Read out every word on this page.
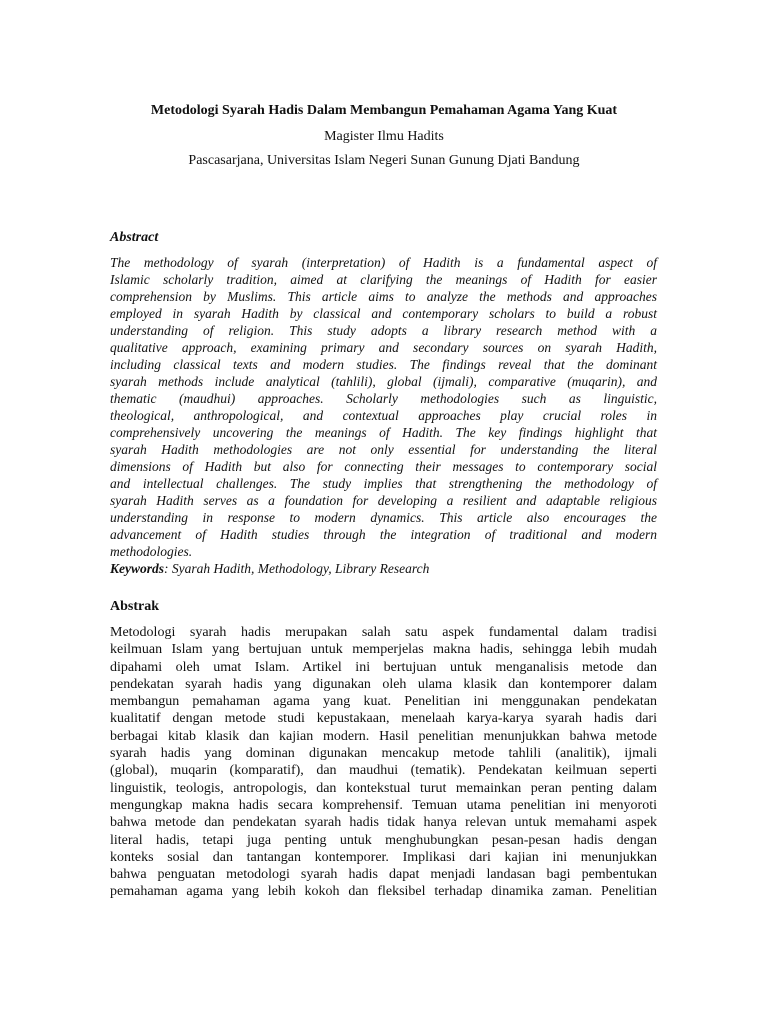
Metodologi Syarah Hadis Dalam Membangun Pemahaman Agama Yang Kuat
Magister Ilmu Hadits
Pascasarjana, Universitas Islam Negeri Sunan Gunung Djati Bandung
Abstract
The methodology of syarah (interpretation) of Hadith is a fundamental aspect of
Islamic scholarly tradition, aimed at clarifying the meanings of Hadith for easier
comprehension by Muslims. This article aims to analyze the methods and approaches
employed in syarah Hadith by classical and contemporary scholars to build a robust
understanding of religion. This study adopts a library research method with a
qualitative approach, examining primary and secondary sources on syarah Hadith,
including classical texts and modern studies. The findings reveal that the dominant
syarah methods include analytical (tahlili), global (ijmali), comparative (muqarin), and
thematic (maudhui) approaches. Scholarly methodologies such as linguistic,
theological, anthropological, and contextual approaches play crucial roles in
comprehensively uncovering the meanings of Hadith. The key findings highlight that
syarah Hadith methodologies are not only essential for understanding the literal
dimensions of Hadith but also for connecting their messages to contemporary social
and intellectual challenges. The study implies that strengthening the methodology of
syarah Hadith serves as a foundation for developing a resilient and adaptable religious
understanding in response to modern dynamics. This article also encourages the
advancement of Hadith studies through the integration of traditional and modern
methodologies.
Keywords: Syarah Hadith, Methodology, Library Research
Abstrak
Metodologi syarah hadis merupakan salah satu aspek fundamental dalam tradisi
keilmuan Islam yang bertujuan untuk memperjelas makna hadis, sehingga lebih mudah
dipahami oleh umat Islam. Artikel ini bertujuan untuk menganalisis metode dan
pendekatan syarah hadis yang digunakan oleh ulama klasik dan kontemporer dalam
membangun pemahaman agama yang kuat. Penelitian ini menggunakan pendekatan
kualitatif dengan metode studi kepustakaan, menelaah karya-karya syarah hadis dari
berbagai kitab klasik dan kajian modern. Hasil penelitian menunjukkan bahwa metode
syarah hadis yang dominan digunakan mencakup metode tahlili (analitik), ijmali
(global), muqarin (komparatif), dan maudhui (tematik). Pendekatan keilmuan seperti
linguistik, teologis, antropologis, dan kontekstual turut memainkan peran penting dalam
mengungkap makna hadis secara komprehensif. Temuan utama penelitian ini menyoroti
bahwa metode dan pendekatan syarah hadis tidak hanya relevan untuk memahami aspek
literal hadis, tetapi juga penting untuk menghubungkan pesan-pesan hadis dengan
konteks sosial dan tantangan kontemporer. Implikasi dari kajian ini menunjukkan
bahwa penguatan metodologi syarah hadis dapat menjadi landasan bagi pembentukan
pemahaman agama yang lebih kokoh dan fleksibel terhadap dinamika zaman. Penelitian
